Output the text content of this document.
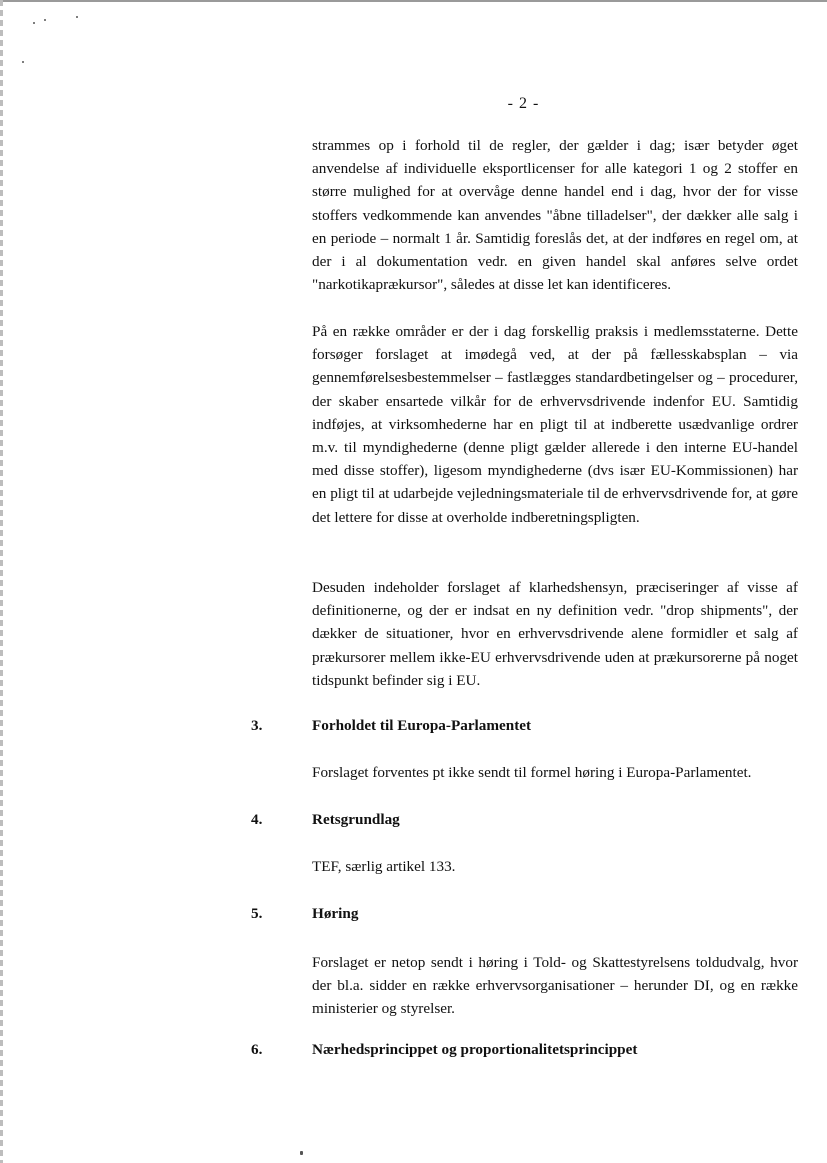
- 2 -

strammes op i forhold til de regler, der gælder i dag; især betyder øget anvendelse af individuelle eksportlicenser for alle kategori 1 og 2 stoffer en større mulighed for at overvåge denne handel end i dag, hvor der for visse stoffers vedkommende kan anvendes "åbne tilladelser", der dækker alle salg i en periode – normalt 1 år. Samtidig foreslås det, at der indføres en regel om, at der i al dokumentation vedr. en given handel skal anføres selve ordet "narkotikaprækursor", således at disse let kan identificeres.

På en række områder er der i dag forskellig praksis i medlemsstaterne. Dette forsøger forslaget at imødegå ved, at der på fællesskabsplan – via gennemførelsesbestemmelser – fastlægges standardbetingelser og – procedurer, der skaber ensartede vilkår for de erhvervsdrivende indenfor EU. Samtidig indføjes, at virksomhederne har en pligt til at indberette usædvanlige ordrer m.v. til myndighederne (denne pligt gælder allerede i den interne EU-handel med disse stoffer), ligesom myndighederne (dvs især EU-Kommissionen) har en pligt til at udarbejde vejledningsmateriale til de erhvervsdrivende for, at gøre det lettere for disse at overholde indberetningspligten.

Desuden indeholder forslaget af klarhedshensyn, præciseringer af visse af definitionerne, og der er indsat en ny definition vedr. "drop shipments", der dækker de situationer, hvor en erhvervsdrivende alene formidler et salg af prækursorer mellem ikke-EU erhvervsdrivende uden at prækursorerne på noget tidspunkt befinder sig i EU.

3.	Forholdet til Europa-Parlamentet

Forslaget forventes pt ikke sendt til formel høring i Europa-Parlamentet.

4.	Retsgrundlag

TEF, særlig artikel 133.

5.	Høring

Forslaget er netop sendt i høring i Told- og Skattestyrelsens toldudvalg, hvor der bl.a. sidder en række erhvervsorganisationer – herunder DI, og en række ministerier og styrelser.

6.	Nærhedsprincippet og proportionalitetsprincippet
